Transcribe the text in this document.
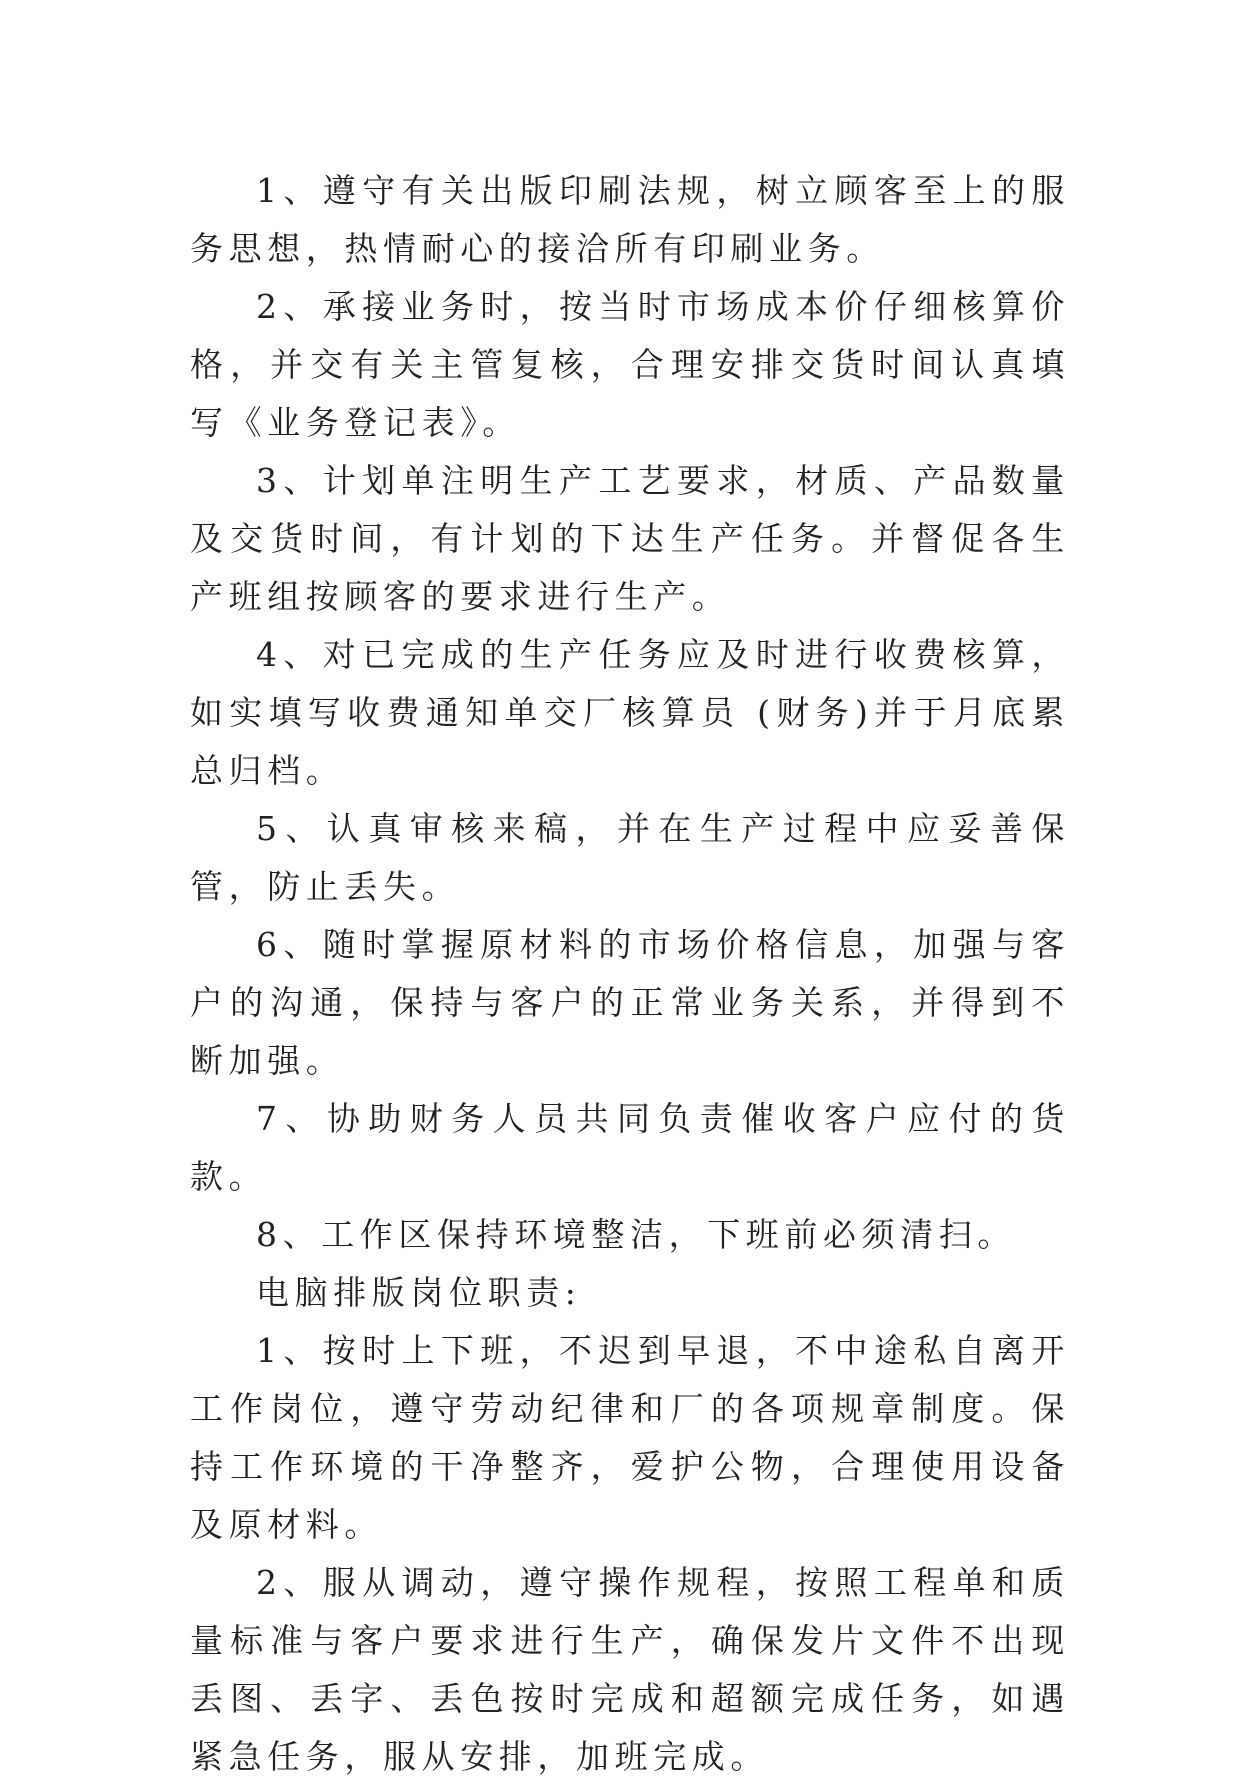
1、遵守有关出版印刷法规，树立顾客至上的服务思想，热情耐心的接洽所有印刷业务。

2、承接业务时，按当时市场成本价仔细核算价格，并交有关主管复核，合理安排交货时间认真填写《业务登记表》。

3、计划单注明生产工艺要求，材质、产品数量及交货时间，有计划的下达生产任务。并督促各生产班组按顾客的要求进行生产。

4、对已完成的生产任务应及时进行收费核算，如实填写收费通知单交厂核算员 (财务)并于月底累总归档。

5、认真审核来稿，并在生产过程中应妥善保管，防止丢失。

6、随时掌握原材料的市场价格信息，加强与客户的沟通，保持与客户的正常业务关系，并得到不断加强。

7、协助财务人员共同负责催收客户应付的货款。

8、工作区保持环境整洁，下班前必须清扫。

电脑排版岗位职责:

1、按时上下班，不迟到早退，不中途私自离开工作岗位，遵守劳动纪律和厂的各项规章制度。保持工作环境的干净整齐，爱护公物，合理使用设备及原材料。

2、服从调动，遵守操作规程，按照工程单和质量标准与客户要求进行生产，确保发片文件不出现丢图、丢字、丢色按时完成和超额完成任务，如遇紧急任务，服从安排，加班完成。
